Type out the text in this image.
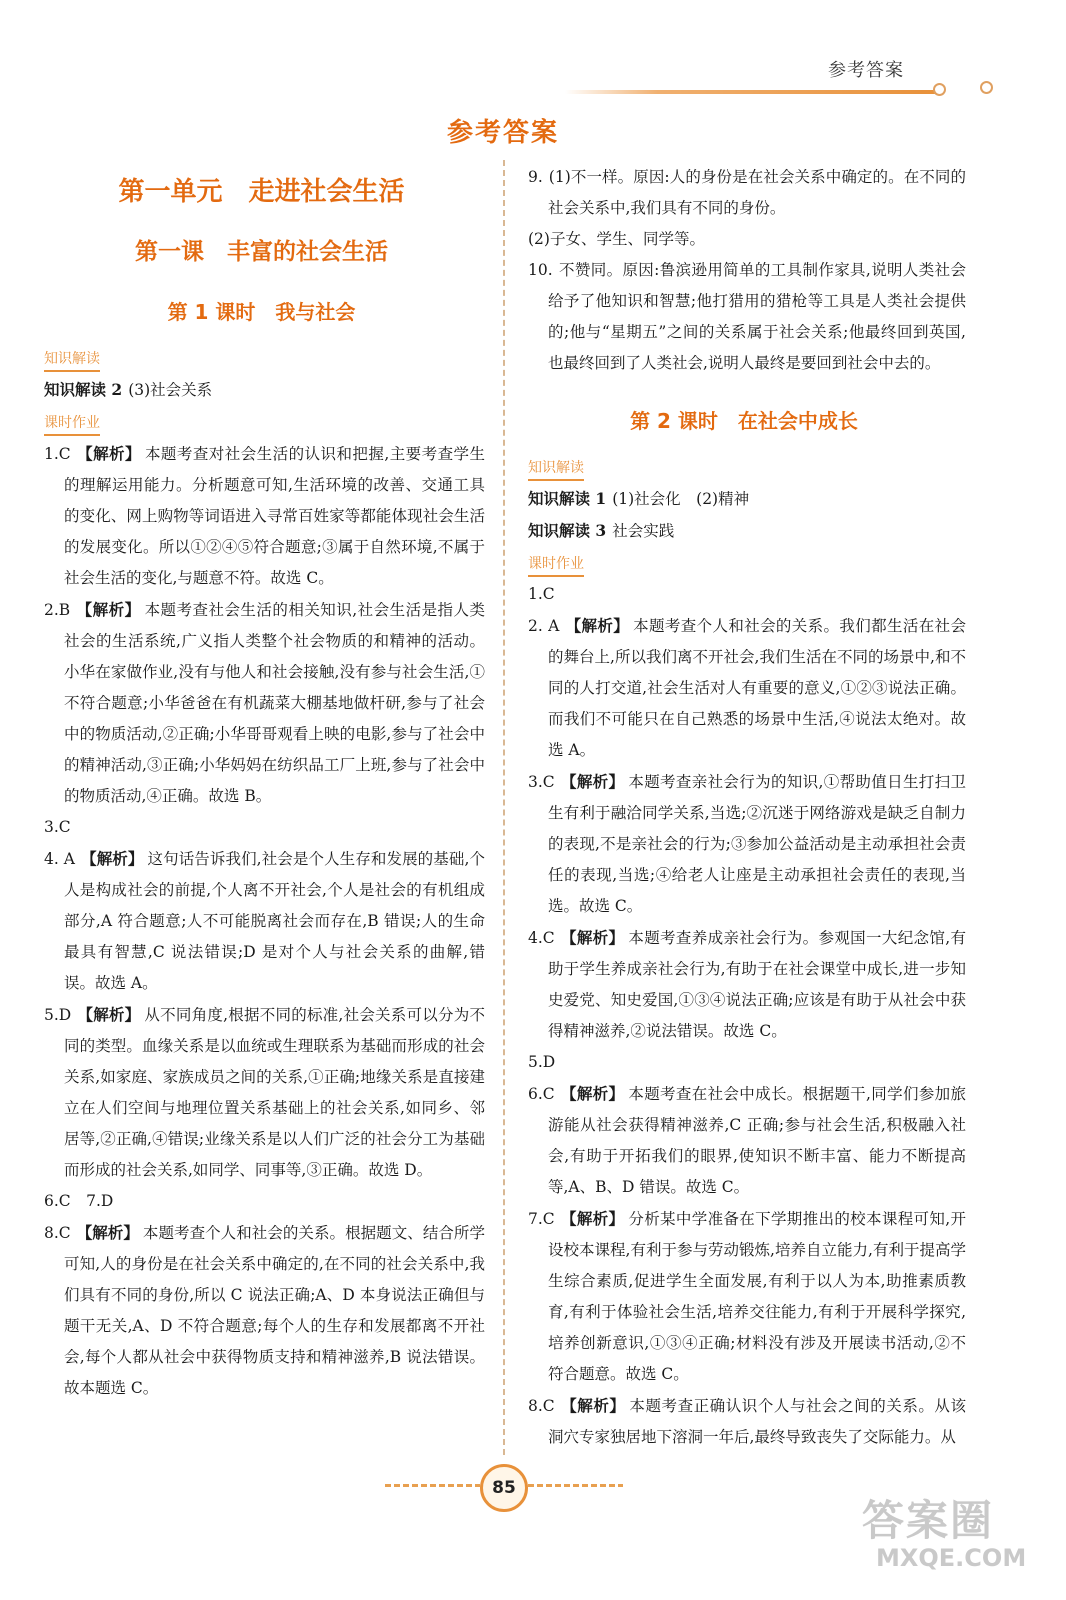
参考答案
参考答案

第一单元　走进社会生活

第一课　丰富的社会生活

第 1 课时　我与社会

知识解读

知识解读 2 (3)社会关系

课时作业

1.C 【解析】 本题考查对社会生活的认识和把握,主要考查学生的理解运用能力。分析题意可知,生活环境的改善、交通工具的变化、网上购物等词语进入寻常百姓家等都能体现社会生活的发展变化。所以①②④⑤符合题意;③属于自然环境,不属于社会生活的变化,与题意不符。故选 C。

2.B 【解析】 本题考查社会生活的相关知识,社会生活是指人类社会的生活系统,广义指人类整个社会物质的和精神的活动。小华在家做作业,没有与他人和社会接触,没有参与社会生活,①不符合题意;小华爸爸在有机蔬菜大棚基地做杆研,参与了社会中的物质活动,②正确;小华哥哥观看上映的电影,参与了社会中的精神活动,③正确;小华妈妈在纺织品工厂上班,参与了社会中的物质活动,④正确。故选 B。

3.C

4. A 【解析】 这句话告诉我们,社会是个人生存和发展的基础,个人是构成社会的前提,个人离不开社会,个人是社会的有机组成部分,A 符合题意;人不可能脱离社会而存在,B 错误;人的生命最具有智慧,C 说法错误;D 是对个人与社会关系的曲解,错误。故选 A。

5.D 【解析】 从不同角度,根据不同的标准,社会关系可以分为不同的类型。血缘关系是以血统或生理联系为基础而形成的社会关系,如家庭、家族成员之间的关系,①正确;地缘关系是直接建立在人们空间与地理位置关系基础上的社会关系,如同乡、邻居等,②正确,④错误;业缘关系是以人们广泛的社会分工为基础而形成的社会关系,如同学、同事等,③正确。故选 D。

6.C　7.D

8.C 【解析】 本题考查个人和社会的关系。根据题文、结合所学可知,人的身份是在社会关系中确定的,在不同的社会关系中,我们具有不同的身份,所以 C 说法正确;A、D 本身说法正确但与题干无关,A、D 不符合题意;每个人的生存和发展都离不开社会,每个人都从社会中获得物质支持和精神滋养,B 说法错误。故本题选 C。

9. (1)不一样。原因:人的身份是在社会关系中确定的。在不同的社会关系中,我们具有不同的身份。

(2)子女、学生、同学等。

10. 不赞同。原因:鲁滨逊用简单的工具制作家具,说明人类社会给予了他知识和智慧;他打猎用的猎枪等工具是人类社会提供的;他与“星期五”之间的关系属于社会关系;他最终回到英国,也最终回到了人类社会,说明人最终是要回到社会中去的。

第 2 课时　在社会中成长

知识解读

知识解读 1 (1)社会化　(2)精神

知识解读 3 社会实践

课时作业

1.C

2. A 【解析】 本题考查个人和社会的关系。我们都生活在社会的舞台上,所以我们离不开社会,我们生活在不同的场景中,和不同的人打交道,社会生活对人有重要的意义,①②③说法正确。而我们不可能只在自己熟悉的场景中生活,④说法太绝对。故选 A。

3.C 【解析】 本题考查亲社会行为的知识,①帮助值日生打扫卫生有利于融洽同学关系,当选;②沉迷于网络游戏是缺乏自制力的表现,不是亲社会的行为;③参加公益活动是主动承担社会责任的表现,当选;④给老人让座是主动承担社会责任的表现,当选。故选 C。

4.C 【解析】 本题考查养成亲社会行为。参观国一大纪念馆,有助于学生养成亲社会行为,有助于在社会课堂中成长,进一步知史爱党、知史爱国,①③④说法正确;应该是有助于从社会中获得精神滋养,②说法错误。故选 C。

5.D

6.C 【解析】 本题考查在社会中成长。根据题干,同学们参加旅游能从社会获得精神滋养,C 正确;参与社会生活,积极融入社会,有助于开拓我们的眼界,使知识不断丰富、能力不断提高等,A、B、D 错误。故选 C。

7.C 【解析】 分析某中学准备在下学期推出的校本课程可知,开设校本课程,有利于参与劳动锻炼,培养自立能力,有利于提高学生综合素质,促进学生全面发展,有利于以人为本,助推素质教育,有利于体验社会生活,培养交往能力,有利于开展科学探究,培养创新意识,①③④正确;材料没有涉及开展读书活动,②不符合题意。故选 C。

8.C 【解析】 本题考查正确认识个人与社会之间的关系。从该洞穴专家独居地下溶洞一年后,最终导致丧失了交际能力。从

85
答案圈
MXQE.COM
